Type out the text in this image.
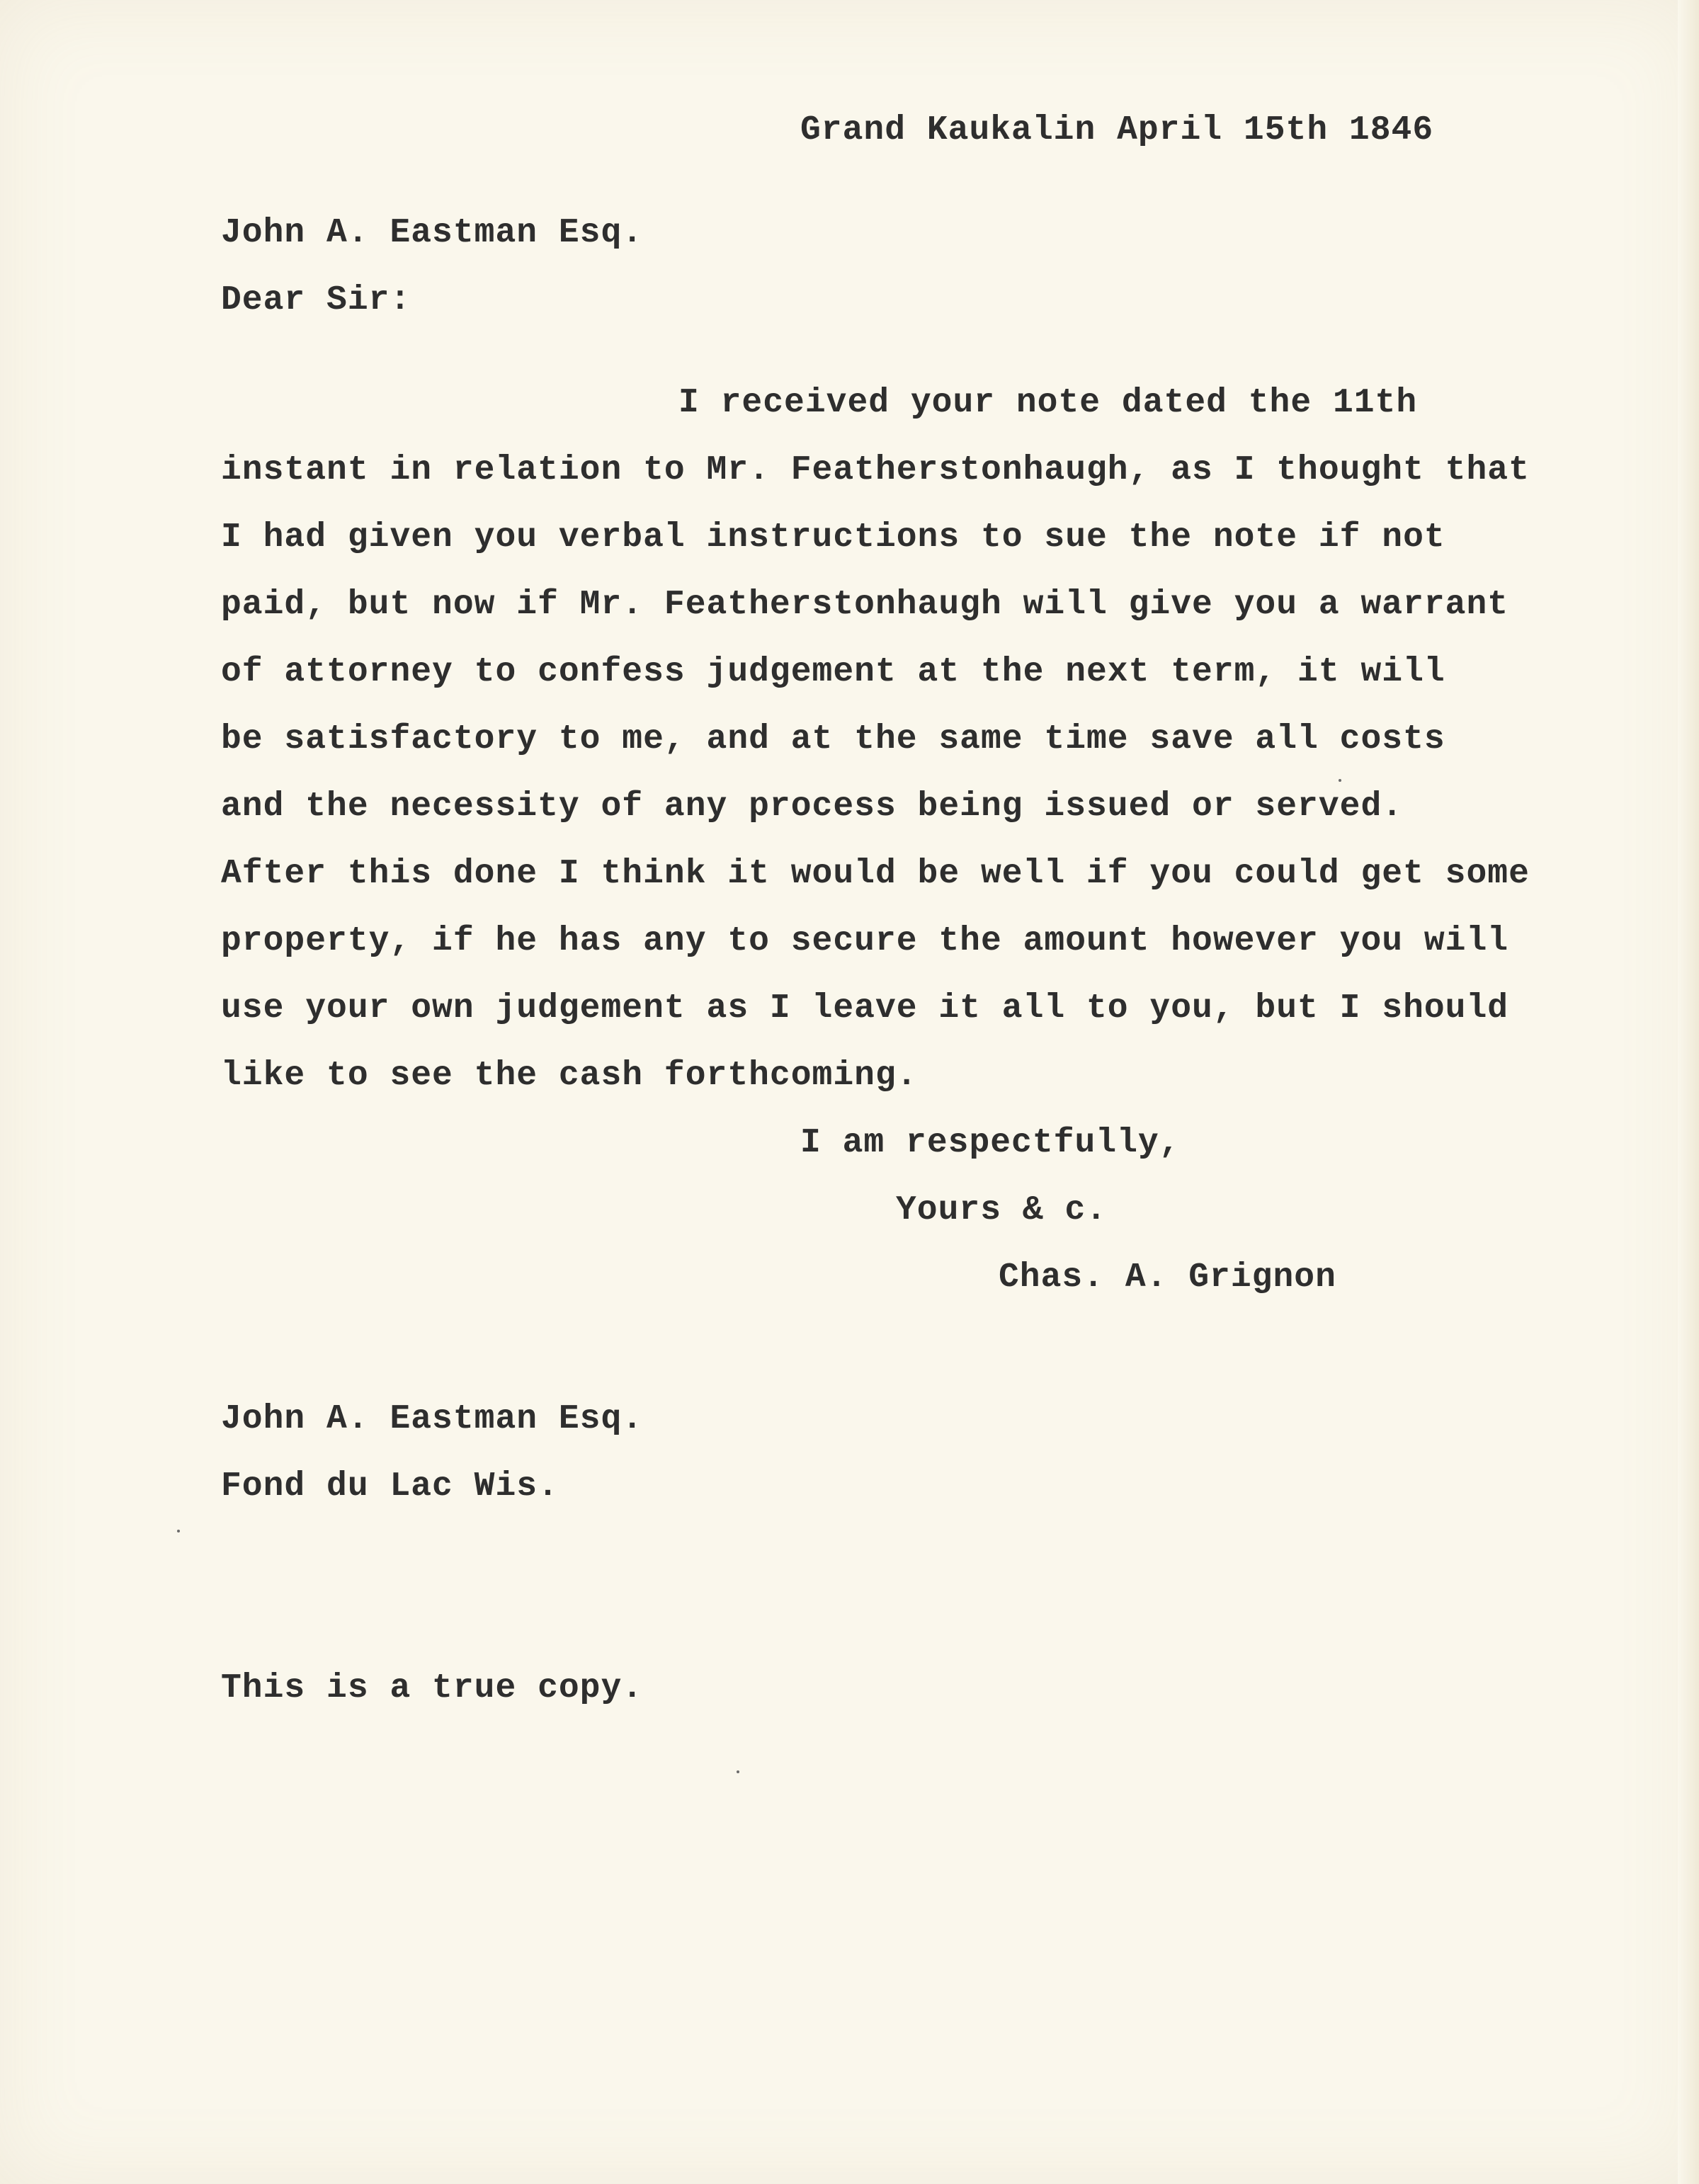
Grand Kaukalin April 15th 1846
John A. Eastman Esq.
Dear Sir:
I received your note dated the 11th
instant in relation to Mr. Featherstonhaugh, as I thought that
I had given you verbal instructions to sue the note if not
paid, but now if Mr. Featherstonhaugh will give you a warrant
of attorney to confess judgement at the next term, it will
be satisfactory to me, and at the same time save all costs
and the necessity of any process being issued or served.
After this done I think it would be well if you could get some
property, if he has any to secure the amount however you will
use your own judgement as I leave it all to you, but I should
like to see the cash forthcoming.
I am respectfully,
Yours & c.
Chas. A. Grignon
John A. Eastman Esq.
Fond du Lac Wis.
This is a true copy.
